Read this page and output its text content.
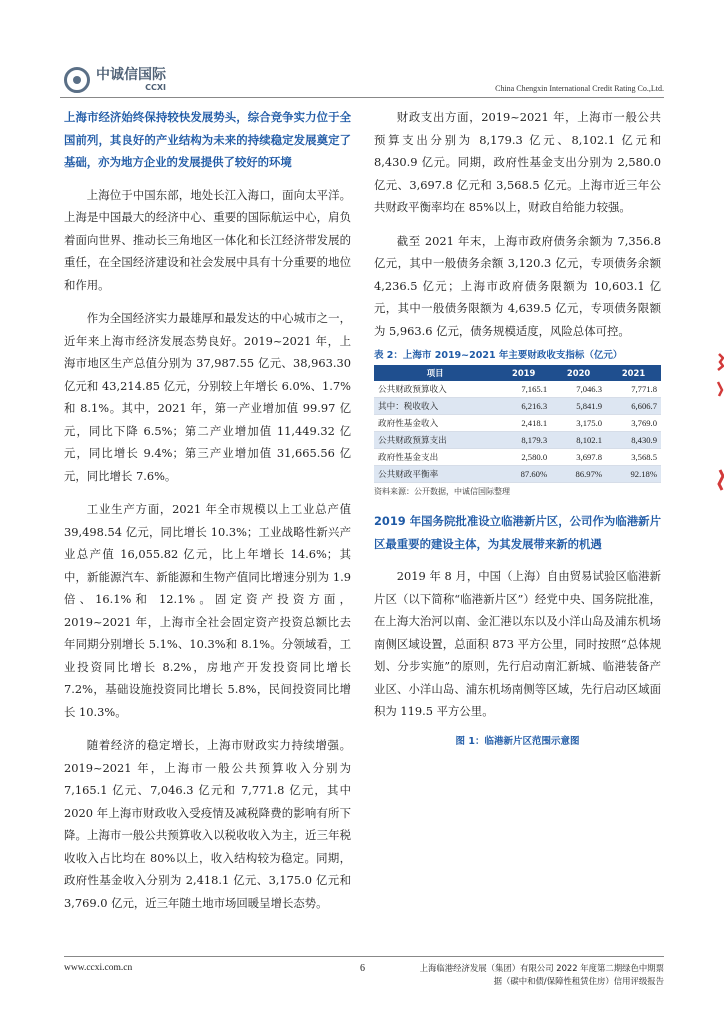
中诚信国际
CCXI	China Chengxin International Credit Rating Co.,Ltd.
上海市经济始终保持较快发展势头，综合竞争实力位于全国前列，其良好的产业结构为未来的持续稳定发展奠定了基础，亦为地方企业的发展提供了较好的环境

上海位于中国东部，地处长江入海口，面向太平洋。上海是中国最大的经济中心、重要的国际航运中心，肩负着面向世界、推动长三角地区一体化和长江经济带发展的重任，在全国经济建设和社会发展中具有十分重要的地位和作用。

作为全国经济实力最雄厚和最发达的中心城市之一，近年来上海市经济发展态势良好。2019~2021 年，上海市地区生产总值分别为 37,987.55 亿元、38,963.30 亿元和 43,214.85 亿元，分别较上年增长 6.0%、1.7%和 8.1%。其中，2021 年，第一产业增加值 99.97 亿元，同比下降 6.5%；第二产业增加值 11,449.32 亿元，同比增长 9.4%；第三产业增加值 31,665.56 亿元，同比增长 7.6%。

工业生产方面，2021 年全市规模以上工业总产值 39,498.54 亿元，同比增长 10.3%；工业战略性新兴产业总产值 16,055.82 亿元，比上年增长 14.6%；其中，新能源汽车、新能源和生物产值同比增速分别为 1.9 倍、16.1%和 12.1%。固定资产投资方面，2019~2021 年，上海市全社会固定资产投资总额比去年同期分别增长 5.1%、10.3%和 8.1%。分领域看，工业投资同比增长 8.2%，房地产开发投资同比增长 7.2%，基础设施投资同比增长 5.8%，民间投资同比增长 10.3%。

随着经济的稳定增长，上海市财政实力持续增强。2019~2021 年，上海市一般公共预算收入分别为 7,165.1 亿元、7,046.3 亿元和 7,771.8 亿元，其中 2020 年上海市财政收入受疫情及减税降费的影响有所下降。上海市一般公共预算收入以税收收入为主，近三年税收收入占比均在 80%以上，收入结构较为稳定。同期，政府性基金收入分别为 2,418.1 亿元、3,175.0 亿元和 3,769.0 亿元，近三年随土地市场回暖呈增长态势。

财政支出方面，2019~2021 年，上海市一般公共预算支出分别为 8,179.3 亿元、8,102.1 亿元和 8,430.9 亿元。同期，政府性基金支出分别为 2,580.0 亿元、3,697.8 亿元和 3,568.5 亿元。上海市近三年公共财政平衡率均在 85%以上，财政自给能力较强。

截至 2021 年末，上海市政府债务余额为 7,356.8 亿元，其中一般债务余额 3,120.3 亿元，专项债务余额 4,236.5 亿元；上海市政府债务限额为 10,603.1 亿元，其中一般债务限额为 4,639.5 亿元，专项债务限额为 5,963.6 亿元，债务规模适度，风险总体可控。

表 2：上海市 2019~2021 年主要财政收支指标（亿元）
项目	2019	2020	2021
公共财政预算收入	7,165.1	7,046.3	7,771.8
其中：税收收入	6,216.3	5,841.9	6,606.7
政府性基金收入	2,418.1	3,175.0	3,769.0
公共财政预算支出	8,179.3	8,102.1	8,430.9
政府性基金支出	2,580.0	3,697.8	3,568.5
公共财政平衡率	87.60%	86.97%	92.18%
资料来源：公开数据，中诚信国际整理
2019 年国务院批准设立临港新片区，公司作为临港新片区最重要的建设主体，为其发展带来新的机遇

2019 年 8 月，中国（上海）自由贸易试验区临港新片区（以下简称“临港新片区”）经党中央、国务院批准，在上海大治河以南、金汇港以东以及小洋山岛及浦东机场南侧区域设置，总面积 873 平方公里，同时按照“总体规划、分步实施”的原则，先行启动南汇新城、临港装备产业区、小洋山岛、浦东机场南侧等区域，先行启动区域面积为 119.5 平方公里。

图 1：临港新片区范围示意图
www.ccxi.com.cn	6	上海临港经济发展（集团）有限公司 2022 年度第二期绿色中期票
据（碳中和债/保障性租赁住房）信用评级报告
